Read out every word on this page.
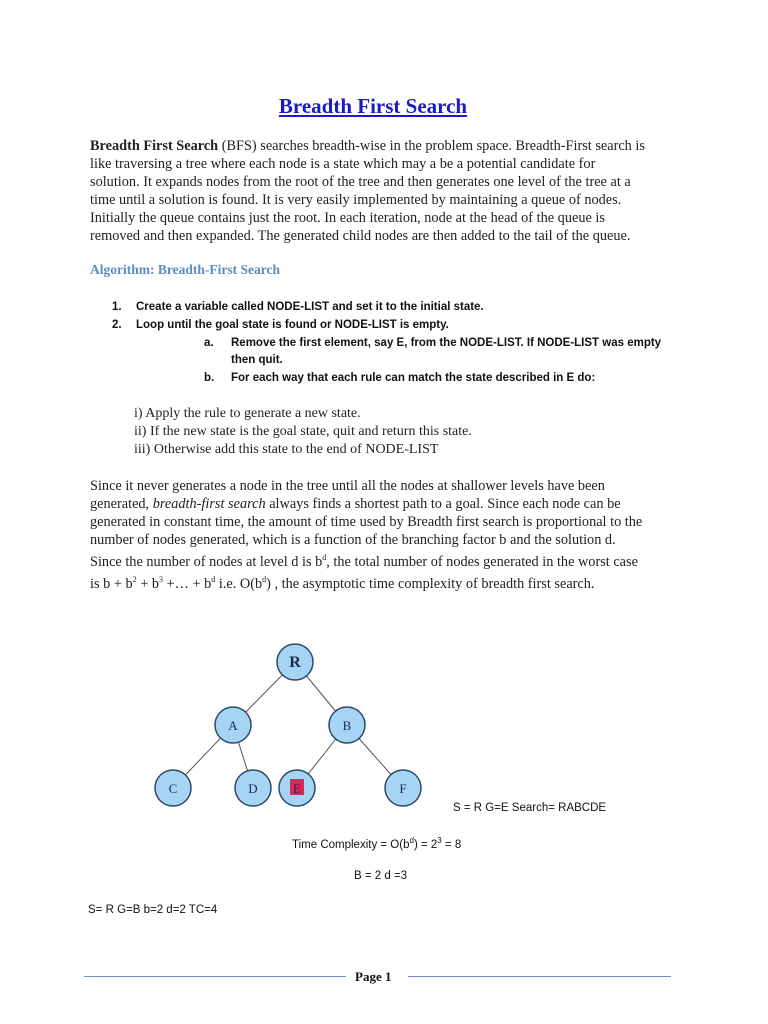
Breadth First Search
Breadth First Search (BFS) searches breadth-wise in the problem space. Breadth-First search is
like traversing a tree where each node is a state which may a be a potential candidate for
solution. It expands nodes from the root of the tree and then generates one level of the tree at a
time until a solution is found. It is very easily implemented by maintaining a queue of nodes.
Initially the queue contains just the root. In each iteration, node at the head of the queue is
removed and then expanded. The generated child nodes are then added to the tail of the queue.
Algorithm: Breadth-First Search
1. Create a variable called NODE-LIST and set it to the initial state.
2. Loop until the goal state is found or NODE-LIST is empty.
a. Remove the first element, say E, from the NODE-LIST. If NODE-LIST was empty
then quit.
b. For each way that each rule can match the state described in E do:
i) Apply the rule to generate a new state.
ii) If the new state is the goal state, quit and return this state.
iii) Otherwise add this state to the end of NODE-LIST
Since it never generates a node in the tree until all the nodes at shallower levels have been
generated, breadth-first search always finds a shortest path to a goal. Since each node can be
generated in constant time, the amount of time used by Breadth first search is proportional to the
number of nodes generated, which is a function of the branching factor b and the solution d.
Since the number of nodes at level d is $b^d$, the total number of nodes generated in the worst case
is $b + b^2 + b^3$ +… + $b^d$ i.e. $O(b^d)$ , the asymptotic time complexity of breadth first search.
R
A	B
C	D	E	F
S = R G=E Search= RABCDE
Time Complexity = $O(b^d) = 2^3 = 8$
B = 2 d =3
S= R G=B b=2 d=2 TC=4
Page 1
